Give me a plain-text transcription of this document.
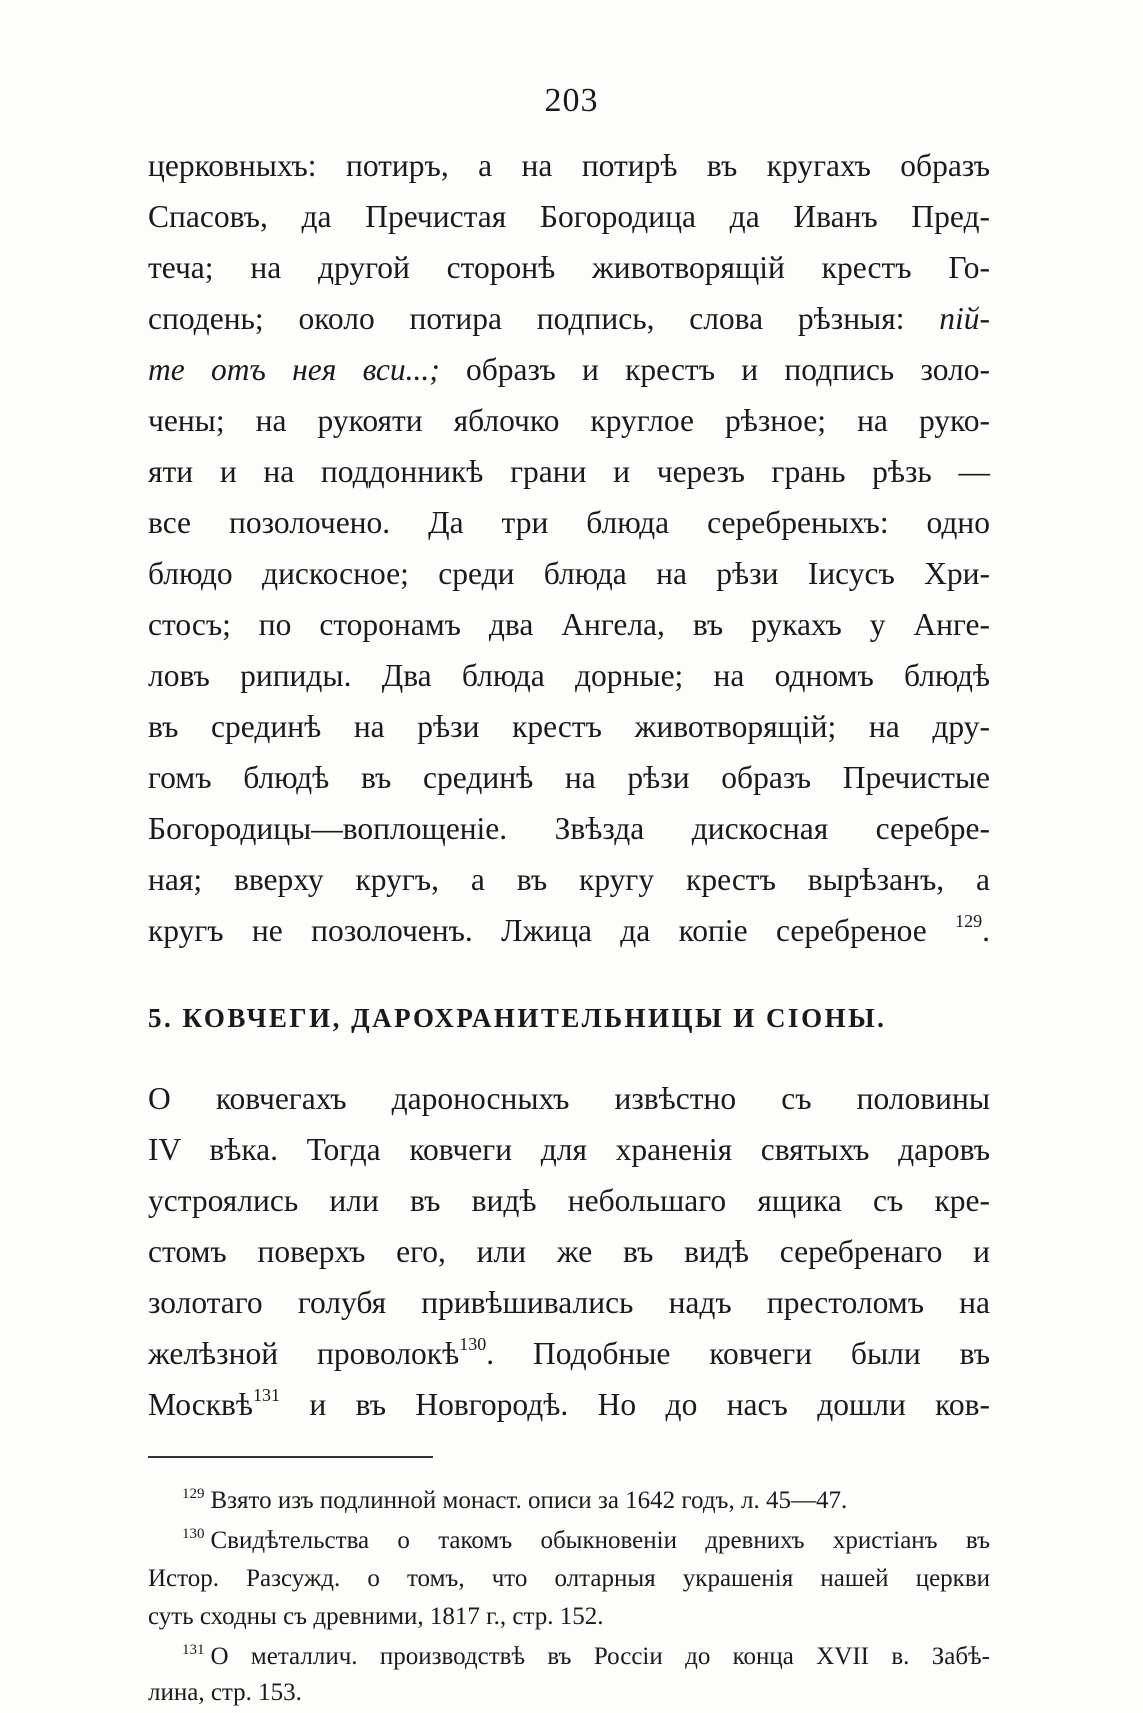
203
церковныхъ: потиръ, а на потирѣ въ кругахъ образъ
Спасовъ, да Пречистая Богородица да Иванъ Пред-
теча; на другой сторонѣ животворящій крестъ Го-
сподень; около потира подпись, слова рѣзныя: пій-
те отъ нея вси...; образъ и крестъ и подпись золо-
чены; на рукояти яблочко круглое рѣзное; на руко-
яти и на поддонникѣ грани и черезъ грань рѣзь —
все позолочено. Да три блюда серебреныхъ: одно
блюдо дискосное; среди блюда на рѣзи Іисусъ Хри-
стосъ; по сторонамъ два Ангела, въ рукахъ у Анге-
ловъ рипиды. Два блюда дорные; на одномъ блюдѣ
въ срединѣ на рѣзи крестъ животворящій; на дру-
гомъ блюдѣ въ срединѣ на рѣзи образъ Пречистые
Богородицы—воплощеніе. Звѣзда дискосная серебре-
ная; вверху кругъ, а въ кругу крестъ вырѣзанъ, а
кругъ не позолоченъ. Лжица да копіе серебреное $^{129}$.
5. КОВЧЕГИ, ДАРОХРАНИТЕЛЬНИЦЫ И СІОНЫ.
О ковчегахъ дароносныхъ извѣстно съ половины
IV вѣка. Тогда ковчеги для храненія святыхъ даровъ
устроялись или въ видѣ небольшаго ящика съ кре-
стомъ поверхъ его, или же въ видѣ серебренаго и
золотаго голубя привѣшивались надъ престоломъ на
желѣзной проволокѣ$^{130}$. Подобные ковчеги были въ
Москвѣ$^{131}$ и въ Новгородѣ. Но до насъ дошли ков-
$^{129}$ Взято изъ подлинной монаст. описи за 1642 годъ, л. 45—47.
$^{130}$ Свидѣтельства о такомъ обыкновеніи древнихъ христіанъ въ
Истор. Разсужд. о томъ, что олтарныя украшенія нашей церкви
суть сходны съ древними, 1817 г., стр. 152.
$^{131}$ О металлич. производствѣ въ Россіи до конца XVII в. Забѣ-
лина, стр. 153.
